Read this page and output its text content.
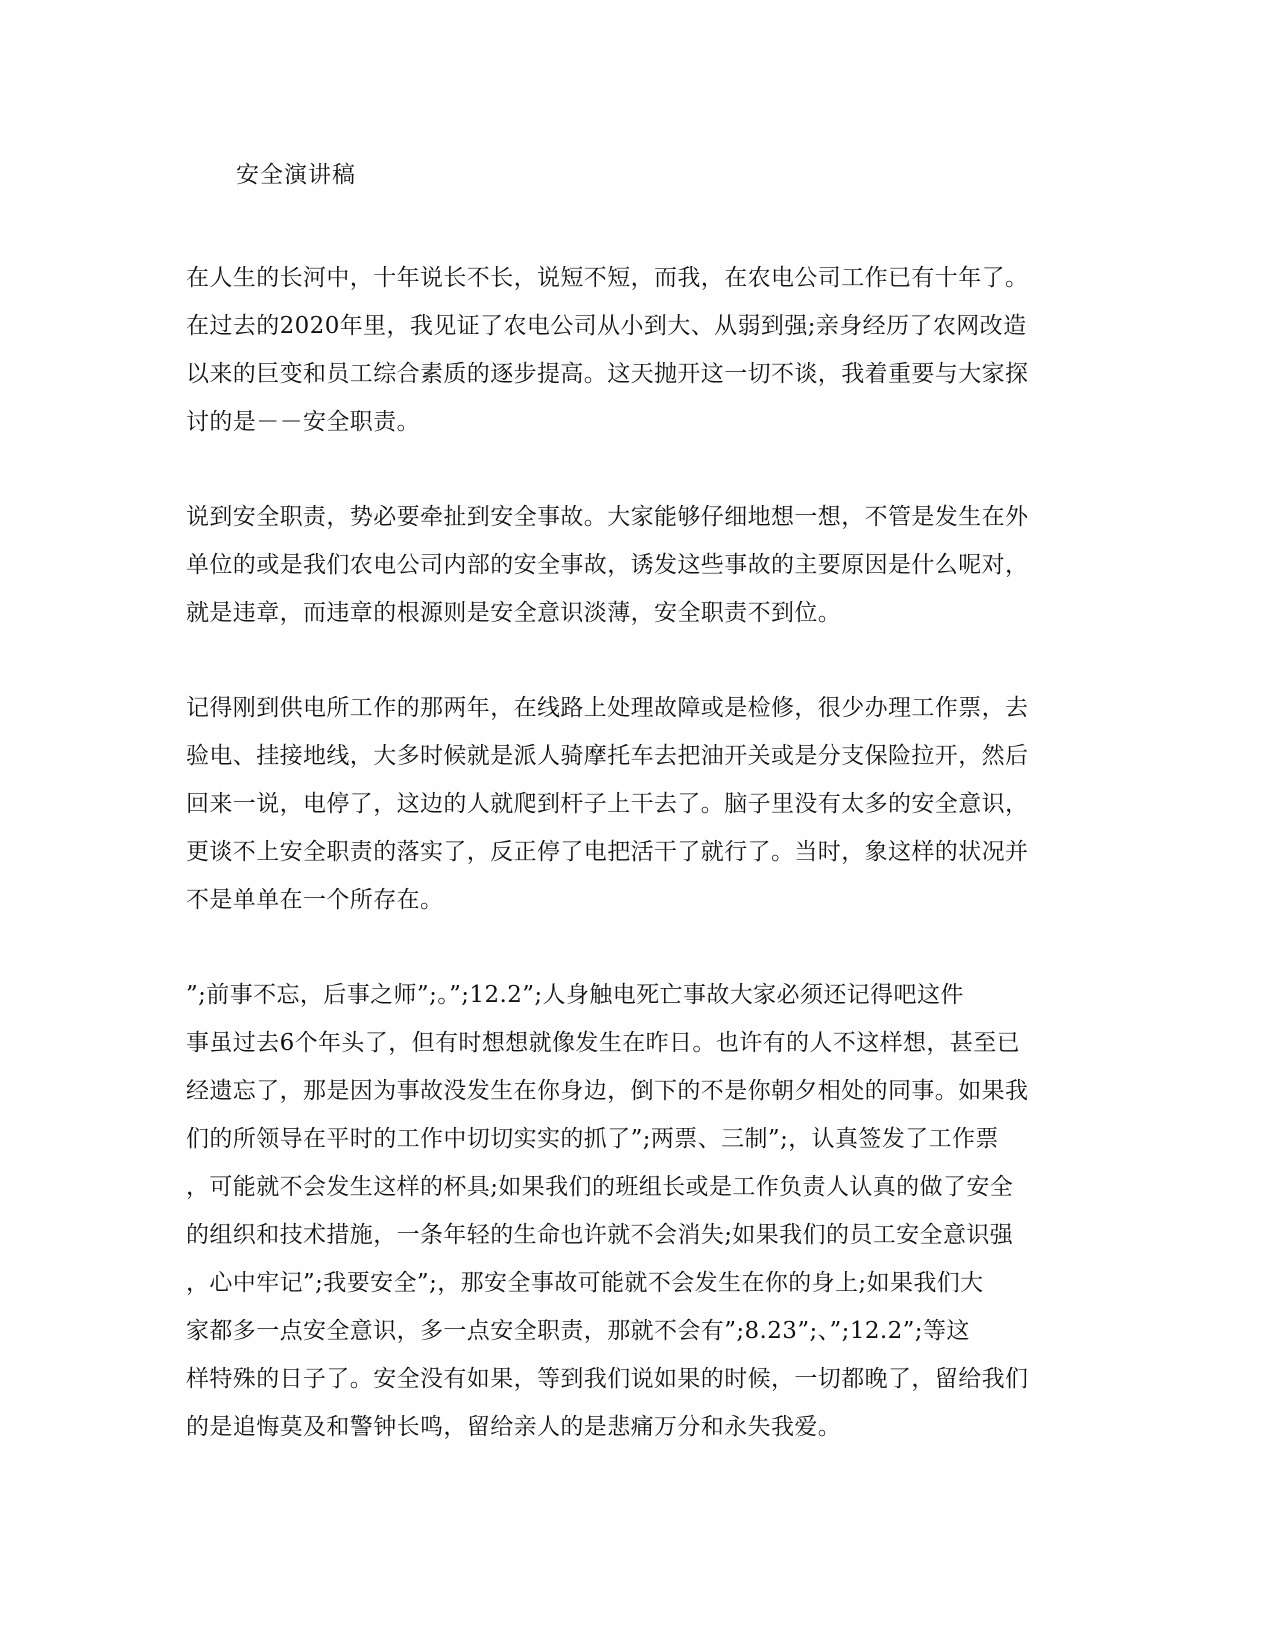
安全演讲稿
在人生的长河中，十年说长不长，说短不短，而我，在农电公司工作已有十年了。
在过去的2020年里，我见证了农电公司从小到大、从弱到强;亲身经历了农网改造
以来的巨变和员工综合素质的逐步提高。这天抛开这一切不谈，我着重要与大家探
讨的是－－安全职责。
说到安全职责，势必要牵扯到安全事故。大家能够仔细地想一想，不管是发生在外
单位的或是我们农电公司内部的安全事故，诱发这些事故的主要原因是什么呢对，
就是违章，而违章的根源则是安全意识淡薄，安全职责不到位。
记得刚到供电所工作的那两年，在线路上处理故障或是检修，很少办理工作票，去
验电、挂接地线，大多时候就是派人骑摩托车去把油开关或是分支保险拉开，然后
回来一说，电停了，这边的人就爬到杆子上干去了。脑子里没有太多的安全意识，
更谈不上安全职责的落实了，反正停了电把活干了就行了。当时，象这样的状况并
不是单单在一个所存在。
”;前事不忘，后事之师”;。”;12.2”;人身触电死亡事故大家必须还记得吧这件
事虽过去6个年头了，但有时想想就像发生在昨日。也许有的人不这样想，甚至已
经遗忘了，那是因为事故没发生在你身边，倒下的不是你朝夕相处的同事。如果我
们的所领导在平时的工作中切切实实的抓了”;两票、三制”;，认真签发了工作票
，可能就不会发生这样的杯具;如果我们的班组长或是工作负责人认真的做了安全
的组织和技术措施，一条年轻的生命也许就不会消失;如果我们的员工安全意识强
，心中牢记”;我要安全”;，那安全事故可能就不会发生在你的身上;如果我们大
家都多一点安全意识，多一点安全职责，那就不会有”;8.23”;、”;12.2”;等这
样特殊的日子了。安全没有如果，等到我们说如果的时候，一切都晚了，留给我们
的是追悔莫及和警钟长鸣，留给亲人的是悲痛万分和永失我爱。
